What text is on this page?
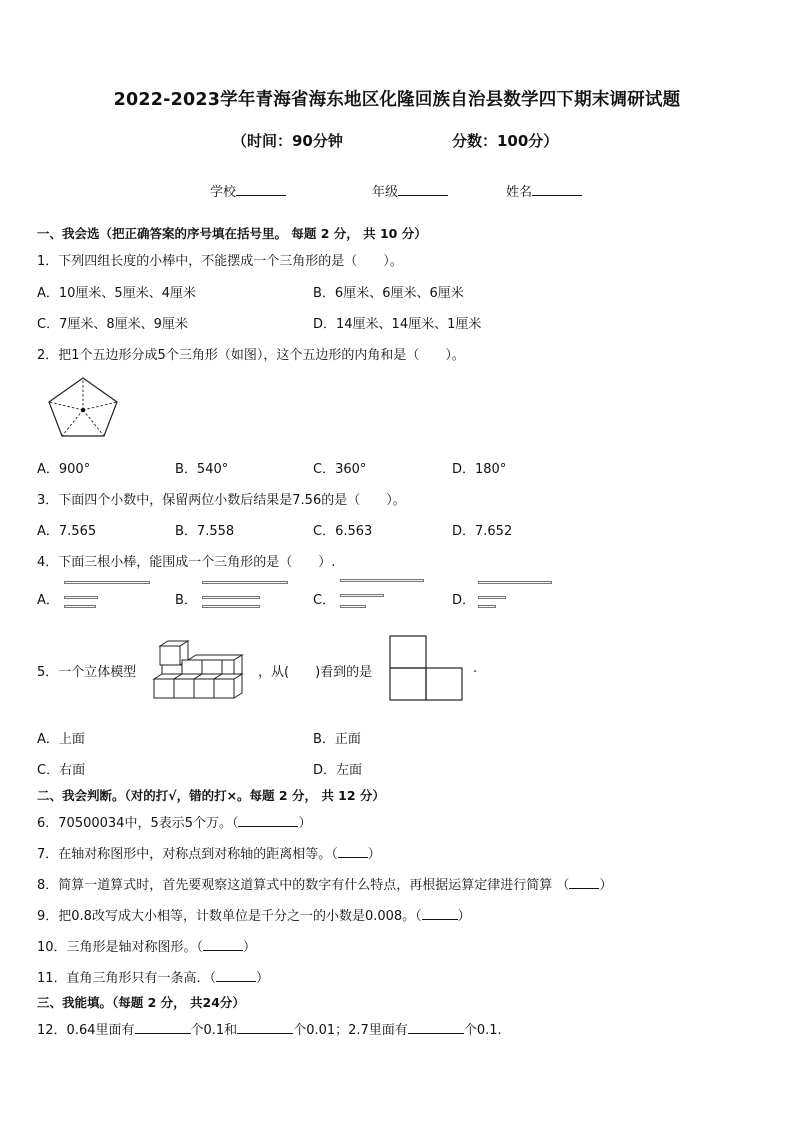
2022-2023学年青海省海东地区化隆回族自治县数学四下期末调研试题
（时间：90分钟	分数：100分）
学校	年级	姓名
一、我会选（把正确答案的序号填在括号里。 每题 2 分， 共 10 分）
1．下列四组长度的小棒中，不能摆成一个三角形的是（　　）。
A．10厘米、5厘米、4厘米	B．6厘米、6厘米、6厘米
C．7厘米、8厘米、9厘米	D．14厘米、14厘米、1厘米
2．把1个五边形分成5个三角形（如图），这个五边形的内角和是（　　）。
A．900°	B．540°	C．360°	D．180°
3．下面四个小数中，保留两位小数后结果是7.56的是（　　）。
A．7.565	B．7.558	C．6.563	D．7.652
4．下面三根小棒，能围成一个三角形的是（　　）.
A．	B．	C．	D．
5．一个立体模型	，从(　　)看到的是	.
A．上面	B．正面
C．右面	D．左面
二、我会判断。（对的打√，错的打×。每题 2 分， 共 12 分）
6．70500034中，5表示5个万。（	）
7．在轴对称图形中，对称点到对称轴的距离相等。（ ）
8．简算一道算式时，首先要观察这道算式中的数字有什么特点，再根据运算定律进行简算 （ ）
9．把0.8改写成大小相等，计数单位是千分之一的小数是0.008。（	）
10．三角形是轴对称图形。（	）
11．直角三角形只有一条高．（	）
三、我能填。（每题 2 分， 共24分）
12．0.64里面有	个0.1和	个0.01；2.7里面有	个0.1.
